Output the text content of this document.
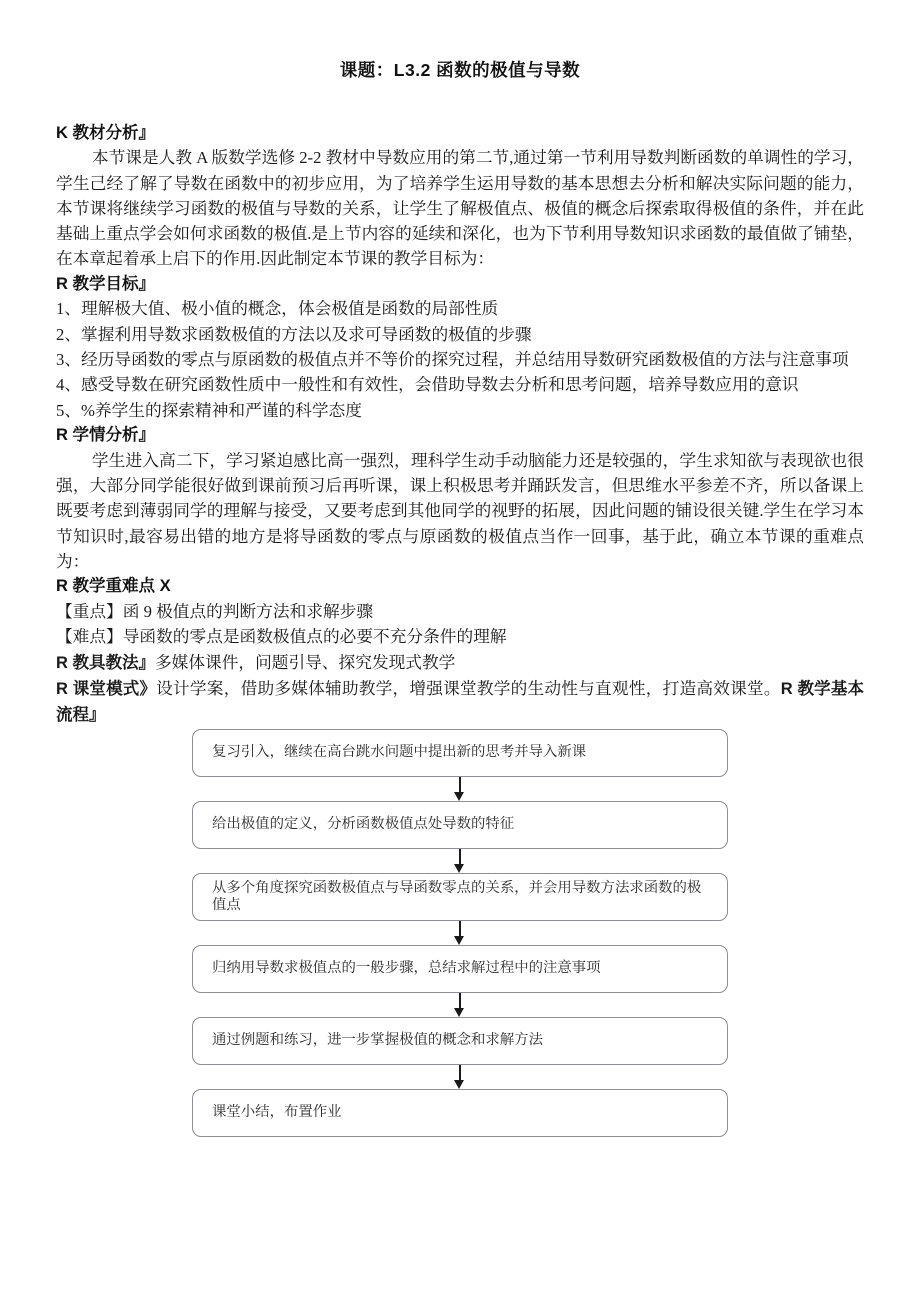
课题：L3.2 函数的极值与导数
K 教材分析』

本节课是人教 A 版数学选修 2-2 教材中导数应用的第二节,通过第一节利用导数判断函数的单调性的学习，学生己经了解了导数在函数中的初步应用，为了培养学生运用导数的基本思想去分析和解决实际问题的能力，本节课将继续学习函数的极值与导数的关系，让学生了解极值点、极值的概念后探索取得极值的条件，并在此基础上重点学会如何求函数的极值.是上节内容的延续和深化，也为下节利用导数知识求函数的最值做了铺垫，在本章起着承上启下的作用.因此制定本节课的教学目标为：

R 教学目标』

1、理解极大值、极小值的概念，体会极值是函数的局部性质

2、掌握利用导数求函数极值的方法以及求可导函数的极值的步骤

3、经历导函数的零点与原函数的极值点并不等价的探究过程，并总结用导数研究函数极值的方法与注意事项

4、感受导数在研究函数性质中一般性和有效性，会借助导数去分析和思考问题，培养导数应用的意识

5、%养学生的探索精神和严谨的科学态度

R 学情分析』

学生进入高二下，学习紧迫感比高一强烈，理科学生动手动脑能力还是较强的，学生求知欲与表现欲也很强，大部分同学能很好做到课前预习后再听课，课上积极思考并踊跃发言，但思维水平参差不齐，所以备课上既要考虑到薄弱同学的理解与接受，又要考虑到其他同学的视野的拓展，因此问题的铺设很关键.学生在学习本节知识时,最容易出错的地方是将导函数的零点与原函数的极值点当作一回事，基于此，确立本节课的重难点为：

R 教学重难点 X

【重点】函 9 极值点的判断方法和求解步骤

【难点】导函数的零点是函数极值点的必要不充分条件的理解

R 教具教法』多媒体课件，问题引导、探究发现式教学

R 课堂模式》设计学案，借助多媒体辅助教学，增强课堂教学的生动性与直观性，打造高效课堂。R 教学基本流程』

复习引入，继续在高台跳水问题中提出新的思考并导入新课
给出极值的定义，分析函数极值点处导数的特征
从多个角度探究函数极值点与导函数零点的关系，并会用导数方法求函数的极值点
归纳用导数求极值点的一般步骤，总结求解过程中的注意事项
通过例题和练习，进一步掌握极值的概念和求解方法
课堂小结，布置作业
